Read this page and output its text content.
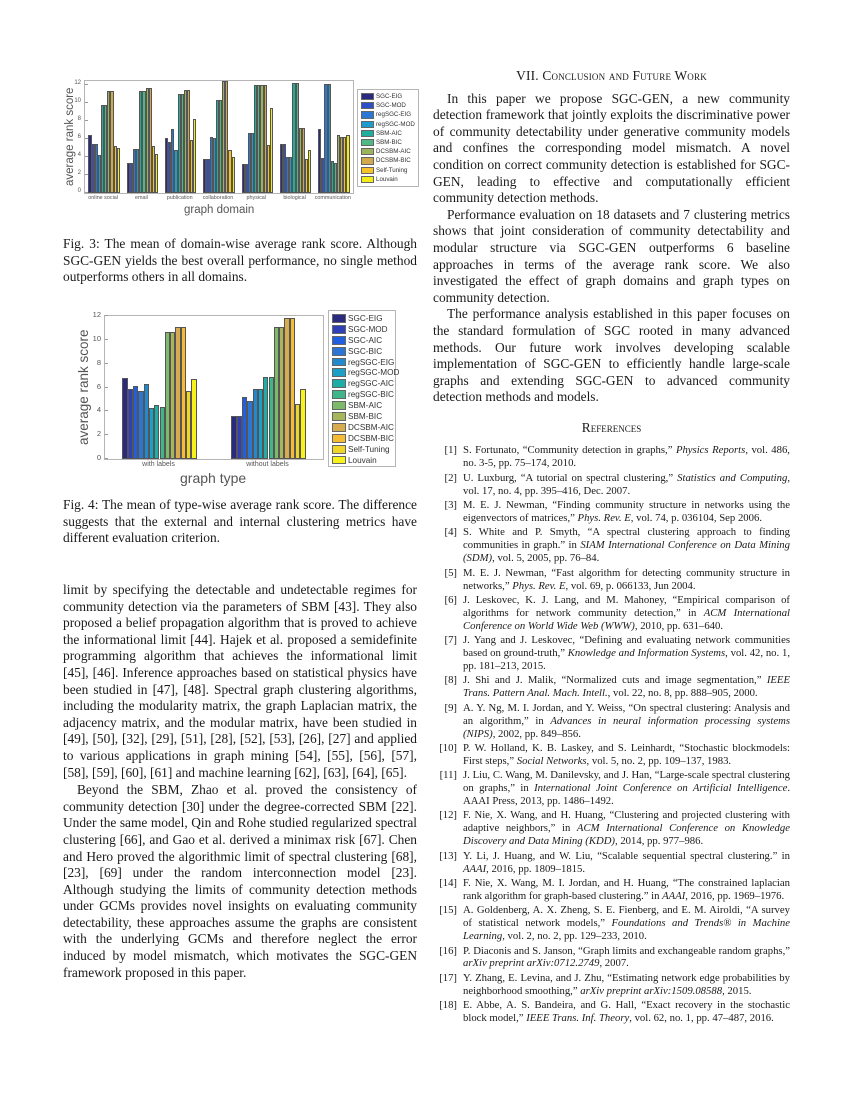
average rank score
graph domain
SGC-EIG
SGC-MOD
regSGC-EIG
regSGC-MOD
SBM-AIC
SBM-BIC
DCSBM-AIC
DCSBM-BIC
Self-Tuning
Louvain
online social	email	publication	collaboration	physical	biological	communication
0
2
4
6
8
10
12

Fig. 3: The mean of domain-wise average rank score. Although SGC-GEN yields the best overall performance, no single method outperforms others in all domains.

average rank score
graph type
SGC-EIG
SGC-MOD
SGC-AIC
SGC-BIC
regSGC-EIG
regSGC-MOD
regSGC-AIC
regSGC-BIC
SBM-AIC
SBM-BIC
DCSBM-AIC
DCSBM-BIC
Self-Tuning
Louvain
with labels	without labels
0
2
4
6
8
10
12

Fig. 4: The mean of type-wise average rank score. The difference suggests that the external and internal clustering metrics have different evaluation criterion.

limit by specifying the detectable and undetectable regimes for community detection via the parameters of SBM [43]. They also proposed a belief propagation algorithm that is proved to achieve the informational limit [44]. Hajek et al. proposed a semidefinite programming algorithm that achieves the informational limit [45], [46]. Inference approaches based on statistical physics have been studied in [47], [48]. Spectral graph clustering algorithms, including the modularity matrix, the graph Laplacian matrix, the adjacency matrix, and the modular matrix, have been studied in [49], [50], [32], [29], [51], [28], [52], [53], [26], [27] and applied to various applications in graph mining [54], [55], [56], [57], [58], [59], [60], [61] and machine learning [62], [63], [64], [65].

Beyond the SBM, Zhao et al. proved the consistency of community detection [30] under the degree-corrected SBM [22]. Under the same model, Qin and Rohe studied regularized spectral clustering [66], and Gao et al. derived a minimax risk [67]. Chen and Hero proved the algorithmic limit of spectral clustering [68], [23], [69] under the random interconnection model [23]. Although studying the limits of community detection methods under GCMs provides novel insights on evaluating community detectability, these approaches assume the graphs are consistent with the underlying GCMs and therefore neglect the error induced by model mismatch, which motivates the SGC-GEN framework proposed in this paper.

VII. Conclusion and Future Work

In this paper we propose SGC-GEN, a new community detection framework that jointly exploits the discriminative power of community detectability under generative community models and confines the corresponding model mismatch. A novel condition on correct community detection is established for SGC-GEN, leading to effective and computationally efficient community detection methods.

Performance evaluation on 18 datasets and 7 clustering metrics shows that joint consideration of community detectability and modular structure via SGC-GEN outperforms 6 baseline approaches in terms of the average rank score. We also investigated the effect of graph domains and graph types on community detection.

The performance analysis established in this paper focuses on the standard formulation of SGC rooted in many advanced methods. Our future work involves developing scalable implementation of SGC-GEN to efficiently handle large-scale graphs and extending SGC-GEN to advanced community detection methods and models.

References
[1] S. Fortunato, “Community detection in graphs,” Physics Reports, vol. 486, no. 3-5, pp. 75–174, 2010.
[2] U. Luxburg, “A tutorial on spectral clustering,” Statistics and Computing, vol. 17, no. 4, pp. 395–416, Dec. 2007.
[3] M. E. J. Newman, “Finding community structure in networks using the eigenvectors of matrices,” Phys. Rev. E, vol. 74, p. 036104, Sep 2006.
[4] S. White and P. Smyth, “A spectral clustering approach to finding communities in graph.” in SIAM International Conference on Data Mining (SDM), vol. 5, 2005, pp. 76–84.
[5] M. E. J. Newman, “Fast algorithm for detecting community structure in networks,” Phys. Rev. E, vol. 69, p. 066133, Jun 2004.
[6] J. Leskovec, K. J. Lang, and M. Mahoney, “Empirical comparison of algorithms for network community detection,” in ACM International Conference on World Wide Web (WWW), 2010, pp. 631–640.
[7] J. Yang and J. Leskovec, “Defining and evaluating network communities based on ground-truth,” Knowledge and Information Systems, vol. 42, no. 1, pp. 181–213, 2015.
[8] J. Shi and J. Malik, “Normalized cuts and image segmentation,” IEEE Trans. Pattern Anal. Mach. Intell., vol. 22, no. 8, pp. 888–905, 2000.
[9] A. Y. Ng, M. I. Jordan, and Y. Weiss, “On spectral clustering: Analysis and an algorithm,” in Advances in neural information processing systems (NIPS), 2002, pp. 849–856.
[10] P. W. Holland, K. B. Laskey, and S. Leinhardt, “Stochastic blockmodels: First steps,” Social Networks, vol. 5, no. 2, pp. 109–137, 1983.
[11] J. Liu, C. Wang, M. Danilevsky, and J. Han, “Large-scale spectral clustering on graphs,” in International Joint Conference on Artificial Intelligence. AAAI Press, 2013, pp. 1486–1492.
[12] F. Nie, X. Wang, and H. Huang, “Clustering and projected clustering with adaptive neighbors,” in ACM International Conference on Knowledge Discovery and Data Mining (KDD), 2014, pp. 977–986.
[13] Y. Li, J. Huang, and W. Liu, “Scalable sequential spectral clustering.” in AAAI, 2016, pp. 1809–1815.
[14] F. Nie, X. Wang, M. I. Jordan, and H. Huang, “The constrained laplacian rank algorithm for graph-based clustering.” in AAAI, 2016, pp. 1969–1976.
[15] A. Goldenberg, A. X. Zheng, S. E. Fienberg, and E. M. Airoldi, “A survey of statistical network models,” Foundations and Trends® in Machine Learning, vol. 2, no. 2, pp. 129–233, 2010.
[16] P. Diaconis and S. Janson, “Graph limits and exchangeable random graphs,” arXiv preprint arXiv:0712.2749, 2007.
[17] Y. Zhang, E. Levina, and J. Zhu, “Estimating network edge probabilities by neighborhood smoothing,” arXiv preprint arXiv:1509.08588, 2015.
[18] E. Abbe, A. S. Bandeira, and G. Hall, “Exact recovery in the stochastic block model,” IEEE Trans. Inf. Theory, vol. 62, no. 1, pp. 47–487, 2016.
